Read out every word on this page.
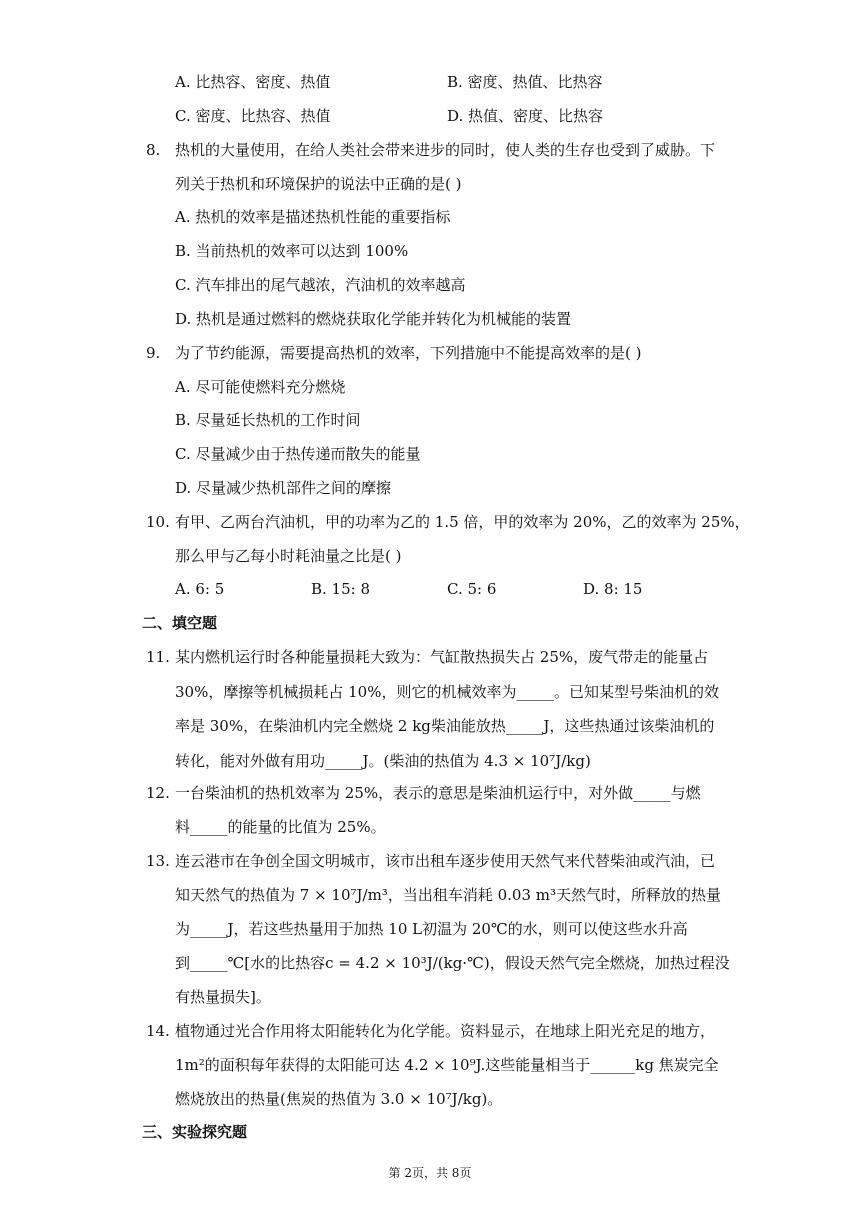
A. 比热容、密度、热值	B. 密度、热值、比热容
C. 密度、比热容、热值	D. 热值、密度、比热容
8. 热机的大量使用，在给人类社会带来进步的同时，使人类的生存也受到了威胁。下
列关于热机和环境保护的说法中正确的是( )
A. 热机的效率是描述热机性能的重要指标
B. 当前热机的效率可以达到 100%
C. 汽车排出的尾气越浓，汽油机的效率越高
D. 热机是通过燃料的燃烧获取化学能并转化为机械能的装置
9. 为了节约能源，需要提高热机的效率，下列措施中不能提高效率的是( )
A. 尽可能使燃料充分燃烧
B. 尽量延长热机的工作时间
C. 尽量减少由于热传递而散失的能量
D. 尽量减少热机部件之间的摩擦
10. 有甲、乙两台汽油机，甲的功率为乙的 1.5 倍，甲的效率为 20%，乙的效率为 25%，
那么甲与乙每小时耗油量之比是( )
A. 6: 5	B. 15: 8	C. 5: 6	D. 8: 15
二、填空题
11. 某内燃机运行时各种能量损耗大致为：气缸散热损失占 25%，废气带走的能量占
30%，摩擦等机械损耗占 10%，则它的机械效率为_____。已知某型号柴油机的效
率是 30%，在柴油机内完全燃烧 2 kg柴油能放热_____J，这些热通过该柴油机的
转化，能对外做有用功_____J。(柴油的热值为 4.3 × 10⁷J/kg)
12. 一台柴油机的热机效率为 25%，表示的意思是柴油机运行中，对外做_____与燃
料_____的能量的比值为 25%。
13. 连云港市在争创全国文明城市，该市出租车逐步使用天然气来代替柴油或汽油，已
知天然气的热值为 7 × 10⁷J/m³，当出租车消耗 0.03 m³天然气时，所释放的热量
为_____J，若这些热量用于加热 10 L初温为 20℃的水，则可以使这些水升高
到_____℃[水的比热容c = 4.2 × 10³J/(kg·℃)，假设天然气完全燃烧，加热过程没
有热量损失]。
14. 植物通过光合作用将太阳能转化为化学能。资料显示，在地球上阳光充足的地方，
1m²的面积每年获得的太阳能可达 4.2 × 10⁹J.这些能量相当于______kg 焦炭完全
燃烧放出的热量(焦炭的热值为 3.0 × 10⁷J/kg)。
三、实验探究题
第 2页，共 8页
